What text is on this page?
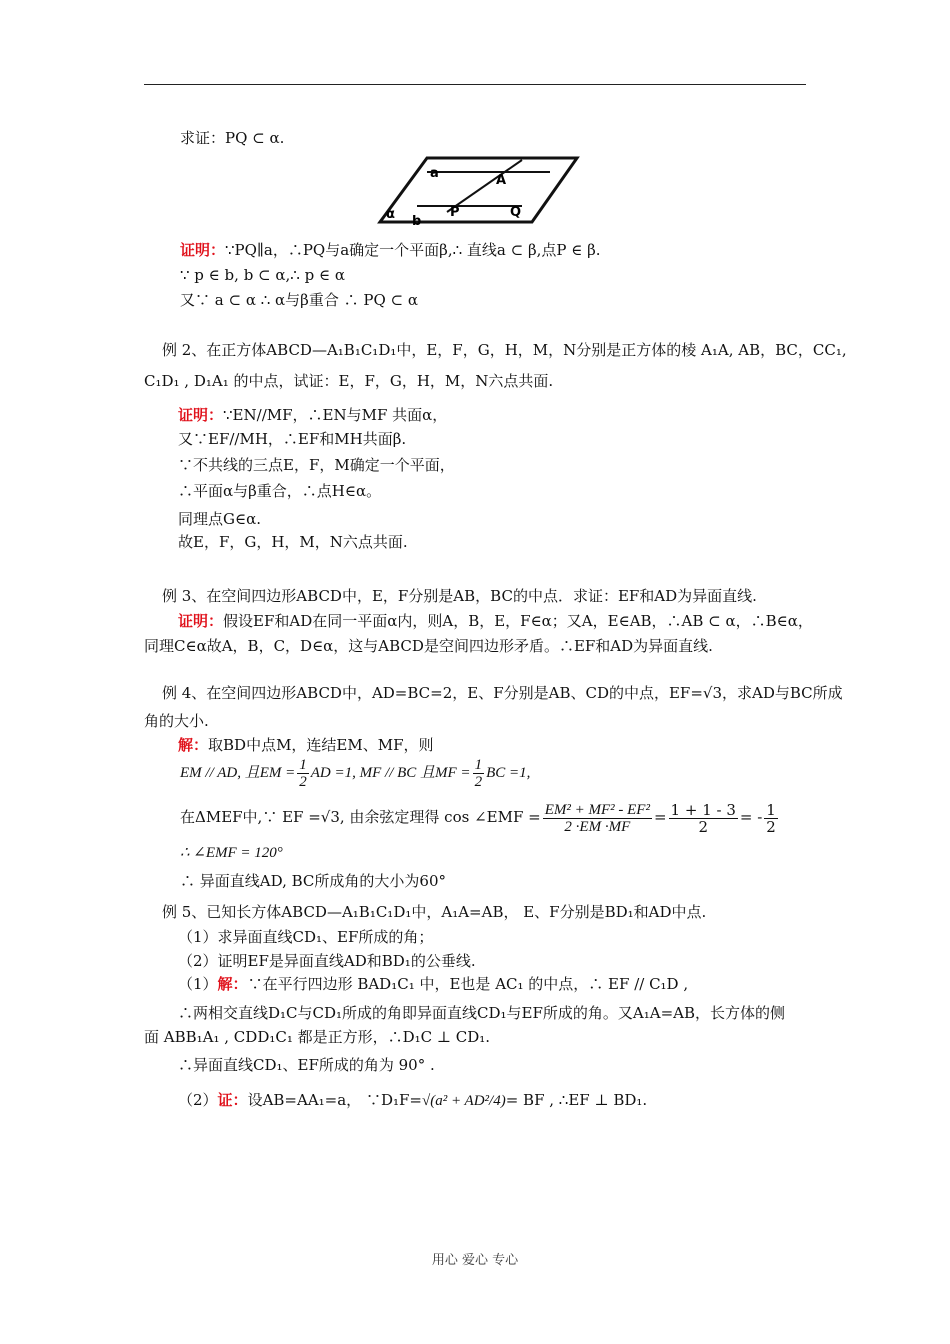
求证：PQ ⊂ α.
a	A
α b
P	Q
证明：∵PQ∥a，∴PQ与a确定一个平面β,∴ 直线a ⊂ β,点P ∈ β.
∵ p ∈ b, b ⊂ α,∴ p ∈ α
又∵ a ⊂ α ∴ α与β重合 ∴ PQ ⊂ α
例 2、在正方体ABCD—A₁B₁C₁D₁中，E，F，G，H，M，N分别是正方体的棱 A₁A, AB，BC，CC₁,
C₁D₁ , D₁A₁ 的中点，试证：E，F，G，H，M，N六点共面.
证明：∵EN//MF，∴EN与MF 共面α，
又∵EF//MH，∴EF和MH共面β.
∵不共线的三点E，F，M确定一个平面，
∴平面α与β重合，∴点H∈α。
同理点G∈α.
故E，F，G，H，M，N六点共面.
例 3、在空间四边形ABCD中，E，F分别是AB，BC的中点．求证：EF和AD为异面直线.
证明：假设EF和AD在同一平面α内，则A，B，E，F∈α；又A，E∈AB，∴AB ⊂ α，∴B∈α，
同理C∈α故A，B，C，D∈α，这与ABCD是空间四边形矛盾。∴EF和AD为异面直线.
例 4、在空间四边形ABCD中，AD=BC=2，E、F分别是AB、CD的中点，EF=√3，求AD与BC所成
角的大小.
解：取BD中点M，连结EM、MF，则
EM // AD, 且EM = $\frac{1}{2}$ AD =1, MF // BC 且MF = $\frac{1}{2}$ BC =1,
在ΔMEF中,∵ EF =√3, 由余弦定理得 cos ∠EMF = $\frac{\text{EM² + MF² - EF²}}{2 \cdot EM \cdot MF} = \frac{1 + 1 - 3}{2}$ = - $\frac{1}{2}$
∴ ∠EMF = 120°
∴ 异面直线AD, BC所成角的大小为60°
例 5、已知长方体ABCD—A₁B₁C₁D₁中，A₁A=AB， E、F分别是BD₁和AD中点.
（1）求异面直线CD₁、EF所成的角；
（2）证明EF是异面直线AD和BD₁的公垂线.
（1）解：∵在平行四边形 BAD₁C₁ 中，E也是 AC₁ 的中点，∴ EF // C₁D ,
∴两相交直线D₁C与CD₁所成的角即异面直线CD₁与EF所成的角。又A₁A=AB，长方体的侧
面 ABB₁A₁ , CDD₁C₁ 都是正方形，∴D₁C ⊥ CD₁.
∴异面直线CD₁、EF所成的角为 90° .
（2）证：设AB=AA₁=a， ∵D₁F=√(a² + AD²/4)= BF , ∴EF ⊥ BD₁.
用心 爱心 专心
